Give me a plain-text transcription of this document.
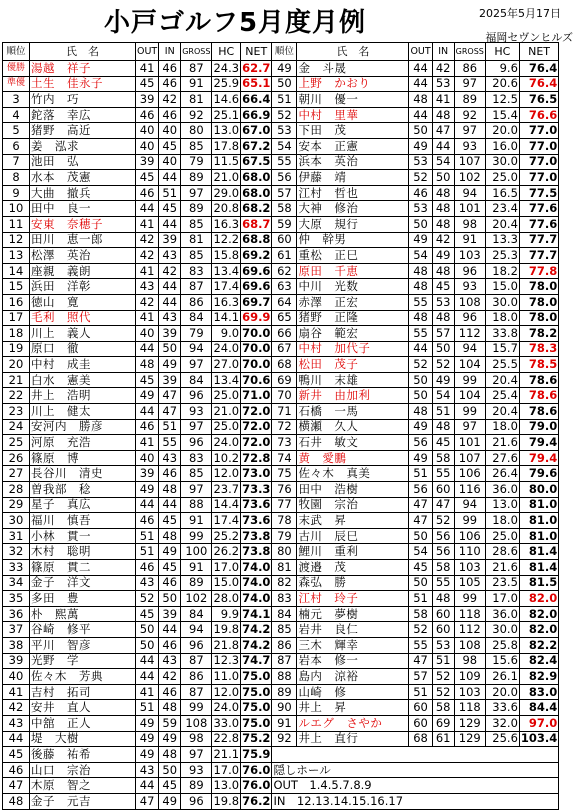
小戸ゴルフ5月度月例	2025年5月17日
福岡セヴンヒルズ
順位	氏　名	OUT	IN	GROSS	HC	NET	順位	氏　名	OUT	IN	GROSS	HC	NET
優勝	湯越　祥子	41	46	87	24.3	62.7	49	金　斗晟	44	42	86	9.6	76.4
準優	土生　佳永子	45	46	91	25.9	65.1	50	上野　かおり	44	53	97	20.6	76.4
3	竹内　巧	39	42	81	14.6	66.4	51	朝川　優一	48	41	89	12.5	76.5
4	鉈落　幸広	46	46	92	25.1	66.9	52	中村　里華	44	48	92	15.4	76.6
5	猪野　高近	40	40	80	13.0	67.0	53	下田　茂	50	47	97	20.0	77.0
6	姜　泓求	40	45	85	17.8	67.2	54	安本　正憲	49	44	93	16.0	77.0
7	池田　弘	39	40	79	11.5	67.5	55	浜本　英治	53	54	107	30.0	77.0
8	水本　茂憲	45	44	89	21.0	68.0	56	伊藤　靖	52	50	102	25.0	77.0
9	大曲　撤兵	46	51	97	29.0	68.0	57	江村　哲也	46	48	94	16.5	77.5
10	田中　良一	44	45	89	20.8	68.2	58	大神　修治	53	48	101	23.4	77.6
11	安東　奈穂子	41	44	85	16.3	68.7	59	大原　規行	50	48	98	20.4	77.6
12	田川　恵一郎	42	39	81	12.2	68.8	60	仲　幹男	49	42	91	13.3	77.7
13	松澤　英治	42	43	85	15.8	69.2	61	重松　正巳	54	49	103	25.3	77.7
14	座親　義朗	41	42	83	13.4	69.6	62	原田　千恵	48	48	96	18.2	77.8
15	浜田　洋彰	43	44	87	17.4	69.6	63	中川　光数	48	45	93	15.0	78.0
16	徳山　寛	42	44	86	16.3	69.7	64	赤澤　正宏	55	53	108	30.0	78.0
17	毛利　照代	41	43	84	14.1	69.9	65	猪野　正隆	48	48	96	18.0	78.0
18	川上　義人	40	39	79	9.0	70.0	66	扇谷　範宏	55	57	112	33.8	78.2
19	原口　徹	44	50	94	24.0	70.0	67	中村　加代子	44	50	94	15.7	78.3
20	中村　成圭	48	49	97	27.0	70.0	68	松田　茂子	52	52	104	25.5	78.5
21	白水　憲美	45	39	84	13.4	70.6	69	鴨川　末雄	50	49	99	20.4	78.6
22	井上　浩明	49	47	96	25.0	71.0	70	新井　由加利	50	54	104	25.4	78.6
23	川上　健太	44	47	93	21.0	72.0	71	石橋　一馬	48	51	99	20.4	78.6
24	安河内　勝彦	46	51	97	25.0	72.0	72	横瀬　久人	49	48	97	18.0	79.0
25	河原　充浩	41	55	96	24.0	72.0	73	石井　敏文	56	45	101	21.6	79.4
26	篠原　博	40	43	83	10.2	72.8	74	黄　愛鵬	49	58	107	27.6	79.4
27	長谷川　清史	39	46	85	12.0	73.0	75	佐々木　真美	51	55	106	26.4	79.6
28	曽我部　稔	49	48	97	23.7	73.3	76	田中　浩樹	56	60	116	36.0	80.0
29	星子　真広	44	44	88	14.4	73.6	77	牧園　宗治	47	47	94	13.0	81.0
30	福川　慎吾	46	45	91	17.4	73.6	78	末武　昇	47	52	99	18.0	81.0
31	小林　貫一	51	48	99	25.2	73.8	79	古川　辰巳	50	56	106	25.0	81.0
32	木村　聡明	51	49	100	26.2	73.8	80	鯉川　重利	54	56	110	28.6	81.4
33	篠原　貫二	46	45	91	17.0	74.0	81	渡邉　茂	45	58	103	21.6	81.4
34	金子　洋文	43	46	89	15.0	74.0	82	森弘　勝	50	55	105	23.5	81.5
35	多田　豊	52	50	102	28.0	74.0	83	江村　玲子	51	48	99	17.0	82.0
36	朴　熙萬	45	39	84	9.9	74.1	84	楠元　夢樹	58	60	118	36.0	82.0
37	谷崎　修平	50	44	94	19.8	74.2	85	岩井　良仁	52	60	112	30.0	82.0
38	平川　智彦	50	46	96	21.8	74.2	86	三木　輝幸	55	53	108	25.8	82.2
39	光野　学	44	43	87	12.3	74.7	87	岩本　修一	47	51	98	15.6	82.4
40	佐々木　芳典	44	42	86	11.0	75.0	88	島内　涼裕	57	52	109	26.1	82.9
41	吉村　拓司	41	46	87	12.0	75.0	89	山崎　修	51	52	103	20.0	83.0
42	安井　直人	51	48	99	24.0	75.0	90	井上　昇	60	58	118	33.6	84.4
43	中舘　正人	49	59	108	33.0	75.0	91	ルエグ　さやか	60	69	129	32.0	97.0
44	堤　大樹	49	49	98	22.8	75.2	92	井上　直行	68	61	129	25.6	103.4
45	後藤　祐希	49	48	97	21.1	75.9							
46	山口　宗治	43	50	93	17.0	76.0	隠しホール						
47	木原　智之	44	45	89	13.0	76.0	OUT　1.4.5.7.8.9						
48	金子　元吉	47	49	96	19.8	76.2	IN　12.13.14.15.16.17						
